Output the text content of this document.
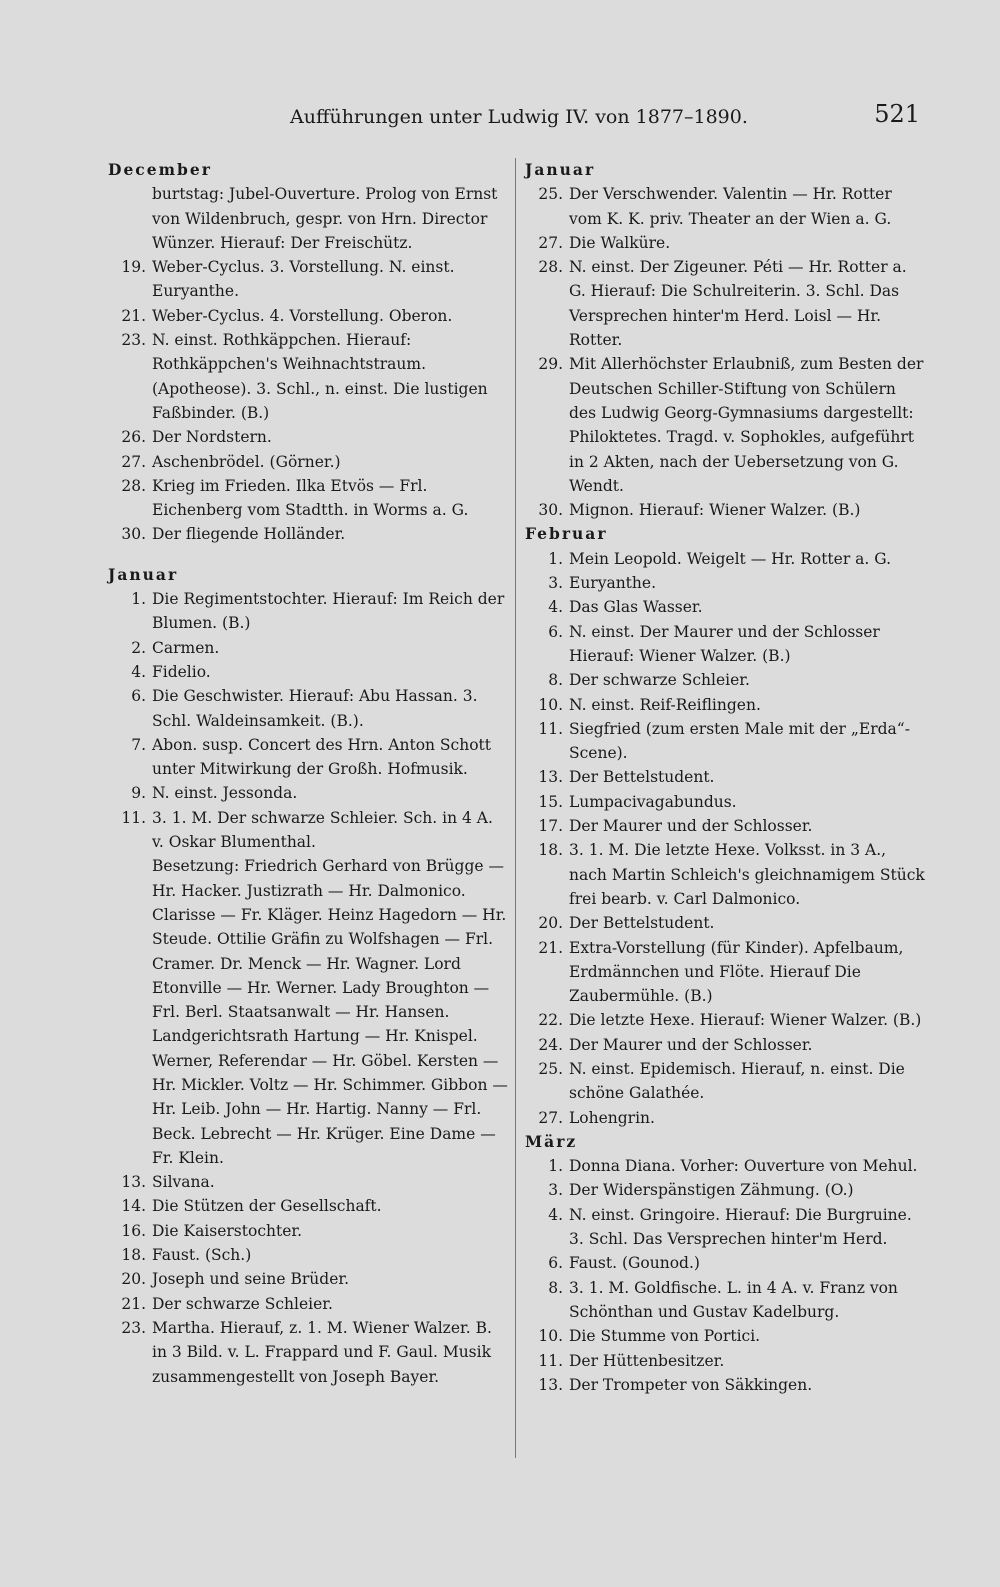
Aufführungen unter Ludwig IV. von 1877–1890.	521
December
burtstag: Jubel-Ouverture. Prolog von Ernst von Wildenbruch, gespr. von Hrn. Director Wünzer. Hierauf: Der Freischütz.
19. Weber-Cyclus. 3. Vorstellung. N. einst. Euryanthe.
21. Weber-Cyclus. 4. Vorstellung. Oberon.
23. N. einst. Rothkäppchen. Hierauf: Rothkäppchen's Weihnachtstraum. (Apotheose). 3. Schl., n. einst. Die lustigen Faßbinder. (B.)
26. Der Nordstern.
27. Aschenbrödel. (Görner.)
28. Krieg im Frieden. Ilka Etvös — Frl. Eichenberg vom Stadtth. in Worms a. G.
30. Der fliegende Holländer.
Januar
1. Die Regimentstochter. Hierauf: Im Reich der Blumen. (B.)
2. Carmen.
4. Fidelio.
6. Die Geschwister. Hierauf: Abu Hassan. 3. Schl. Waldeinsamkeit. (B.).
7. Abon. susp. Concert des Hrn. Anton Schott unter Mitwirkung der Großh. Hofmusik.
9. N. einst. Jessonda.
11. 3. 1. M. Der schwarze Schleier. Sch. in 4 A. v. Oskar Blumenthal.
Besetzung: Friedrich Gerhard von Brügge — Hr. Hacker. Justizrath — Hr. Dalmonico. Clarisse — Fr. Kläger. Heinz Hagedorn — Hr. Steude. Ottilie Gräfin zu Wolfshagen — Frl. Cramer. Dr. Menck — Hr. Wagner. Lord Etonville — Hr. Werner. Lady Broughton — Frl. Berl. Staatsanwalt — Hr. Hansen. Landgerichtsrath Hartung — Hr. Knispel. Werner, Referendar — Hr. Göbel. Kersten — Hr. Mickler. Voltz — Hr. Schimmer. Gibbon — Hr. Leib. John — Hr. Hartig. Nanny — Frl. Beck. Lebrecht — Hr. Krüger. Eine Dame — Fr. Klein.
13. Silvana.
14. Die Stützen der Gesellschaft.
16. Die Kaiserstochter.
18. Faust. (Sch.)
20. Joseph und seine Brüder.
21. Der schwarze Schleier.
23. Martha. Hierauf, z. 1. M. Wiener Walzer. B. in 3 Bild. v. L. Frappard und F. Gaul. Musik zusammengestellt von Joseph Bayer.
Januar
25. Der Verschwender. Valentin — Hr. Rotter vom K. K. priv. Theater an der Wien a. G.
27. Die Walküre.
28. N. einst. Der Zigeuner. Péti — Hr. Rotter a. G. Hierauf: Die Schulreiterin. 3. Schl. Das Versprechen hinter'm Herd. Loisl — Hr. Rotter.
29. Mit Allerhöchster Erlaubniß, zum Besten der Deutschen Schiller-Stiftung von Schülern des Ludwig Georg-Gymnasiums dargestellt: Philoktetes. Tragd. v. Sophokles, aufgeführt in 2 Akten, nach der Uebersetzung von G. Wendt.
30. Mignon. Hierauf: Wiener Walzer. (B.)
Februar
1. Mein Leopold. Weigelt — Hr. Rotter a. G.
3. Euryanthe.
4. Das Glas Wasser.
6. N. einst. Der Maurer und der Schlosser Hierauf: Wiener Walzer. (B.)
8. Der schwarze Schleier.
10. N. einst. Reif-Reiflingen.
11. Siegfried (zum ersten Male mit der „Erda“-Scene).
13. Der Bettelstudent.
15. Lumpacivagabundus.
17. Der Maurer und der Schlosser.
18. 3. 1. M. Die letzte Hexe. Volksst. in 3 A., nach Martin Schleich's gleichnamigem Stück frei bearb. v. Carl Dalmonico.
20. Der Bettelstudent.
21. Extra-Vorstellung (für Kinder). Apfelbaum, Erdmännchen und Flöte. Hierauf Die Zaubermühle. (B.)
22. Die letzte Hexe. Hierauf: Wiener Walzer. (B.)
24. Der Maurer und der Schlosser.
25. N. einst. Epidemisch. Hierauf, n. einst. Die schöne Galathée.
27. Lohengrin.
März
1. Donna Diana. Vorher: Ouverture von Mehul.
3. Der Widerspänstigen Zähmung. (O.)
4. N. einst. Gringoire. Hierauf: Die Burgruine. 3. Schl. Das Versprechen hinter'm Herd.
6. Faust. (Gounod.)
8. 3. 1. M. Goldfische. L. in 4 A. v. Franz von Schönthan und Gustav Kadelburg.
10. Die Stumme von Portici.
11. Der Hüttenbesitzer.
13. Der Trompeter von Säkkingen.
